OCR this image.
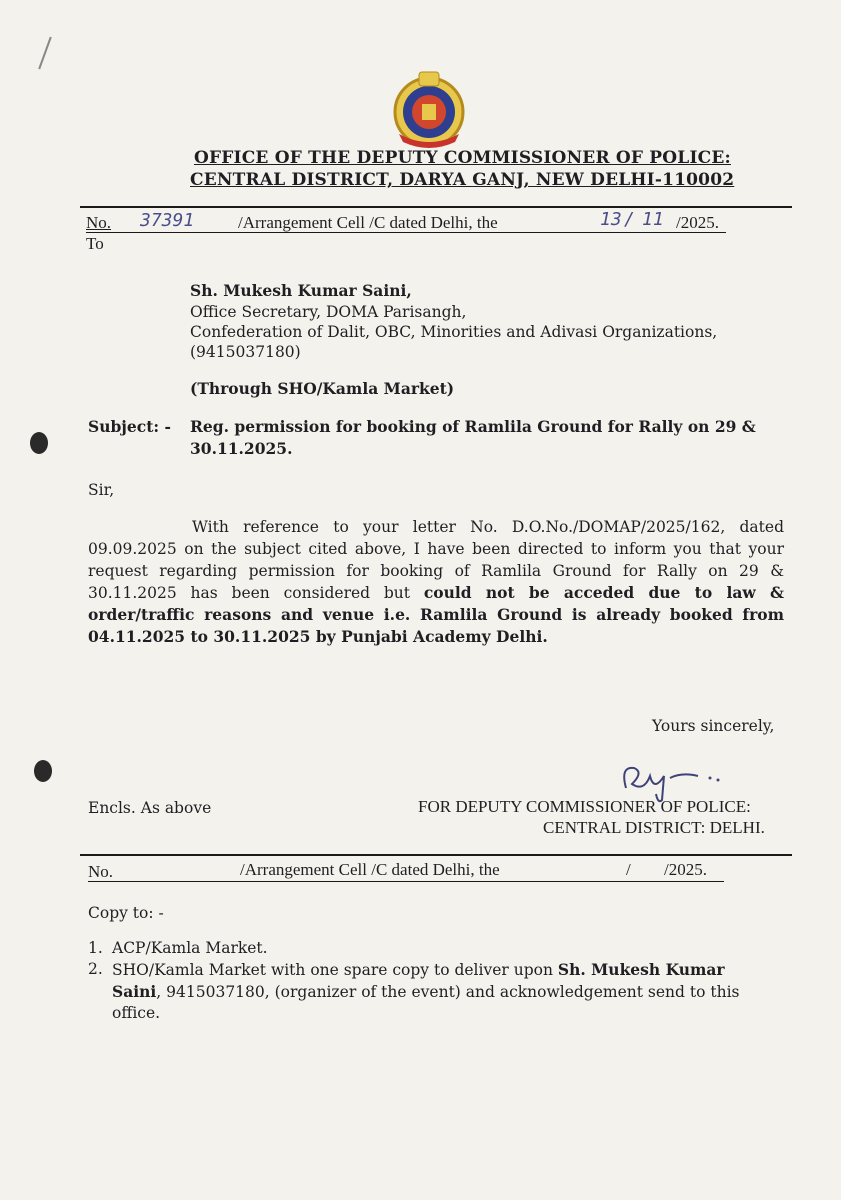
OFFICE OF THE DEPUTY COMMISSIONER OF POLICE:
CENTRAL DISTRICT, DARYA GANJ, NEW DELHI-110002
No. 37391	/Arrangement Cell /C dated Delhi, the	13 / 11 /2025.
To
Sh. Mukesh Kumar Saini,
Office Secretary, DOMA Parisangh,
Confederation of Dalit, OBC, Minorities and Adivasi Organizations,
(9415037180)
(Through SHO/Kamla Market)
Subject: - Reg. permission for booking of Ramlila Ground for Rally on 29 &
30.11.2025.
Sir,
With reference to your letter No. D.O.No./DOMAP/2025/162, dated 09.09.2025 on the subject cited above, I have been directed to inform you that your request regarding permission for booking of Ramlila Ground for Rally on 29 & 30.11.2025 has been considered but could not be acceded due to law & order/traffic reasons and venue i.e. Ramlila Ground is already booked from 04.11.2025 to 30.11.2025 by Punjabi Academy Delhi.
Yours sincerely,
Encls. As above	FOR DEPUTY COMMISSIONER OF POLICE:
CENTRAL DISTRICT: DELHI.
No.	/Arrangement Cell /C dated Delhi, the	/ /2025.
Copy to: -
1. ACP/Kamla Market.
2. SHO/Kamla Market with one spare copy to deliver upon Sh. Mukesh Kumar Saini, 9415037180, (organizer of the event) and acknowledgement send to this office.
